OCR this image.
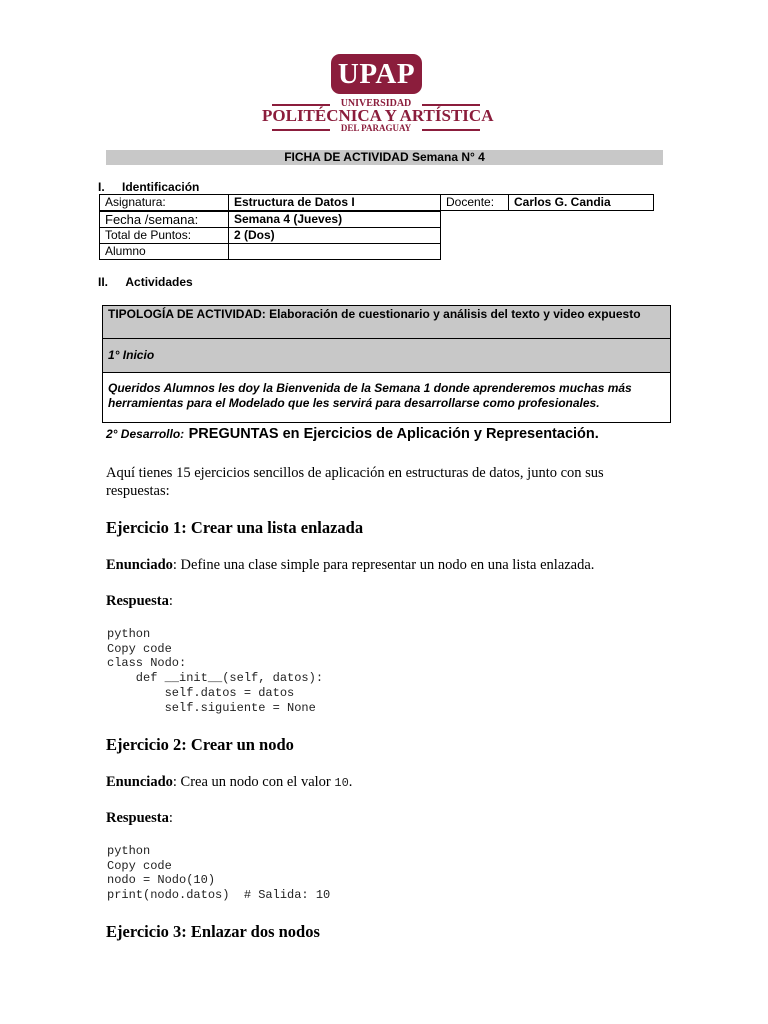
UPAP
UNIVERSIDAD
POLITÉCNICA Y ARTÍSTICA
DEL PARAGUAY
FICHA DE ACTIVIDAD Semana N° 4
I. Identificación
Asignatura:	Estructura de Datos I	Docente:	Carlos G. Candia
Fecha /semana:	Semana 4 (Jueves)
Total de Puntos:	2 (Dos)
Alumno	
II. Actividades
TIPOLOGÍA DE ACTIVIDAD: Elaboración de cuestionario y análisis del texto y video expuesto
1° Inicio
Queridos Alumnos les doy la Bienvenida de la Semana 1 donde aprenderemos muchas más herramientas para el Modelado que les servirá para desarrollarse como profesionales.
2° Desarrollo: PREGUNTAS en Ejercicios de Aplicación y Representación.
Aquí tienes 15 ejercicios sencillos de aplicación en estructuras de datos, junto con sus respuestas:
Ejercicio 1: Crear una lista enlazada
Enunciado: Define una clase simple para representar un nodo en una lista enlazada.
Respuesta:
python
Copy code
class Nodo:
def __init__(self, datos):
self.datos = datos
self.siguiente = None
Ejercicio 2: Crear un nodo
Enunciado: Crea un nodo con el valor 10.
Respuesta:
python
Copy code
nodo = Nodo(10)
print(nodo.datos)  # Salida: 10
Ejercicio 3: Enlazar dos nodos
